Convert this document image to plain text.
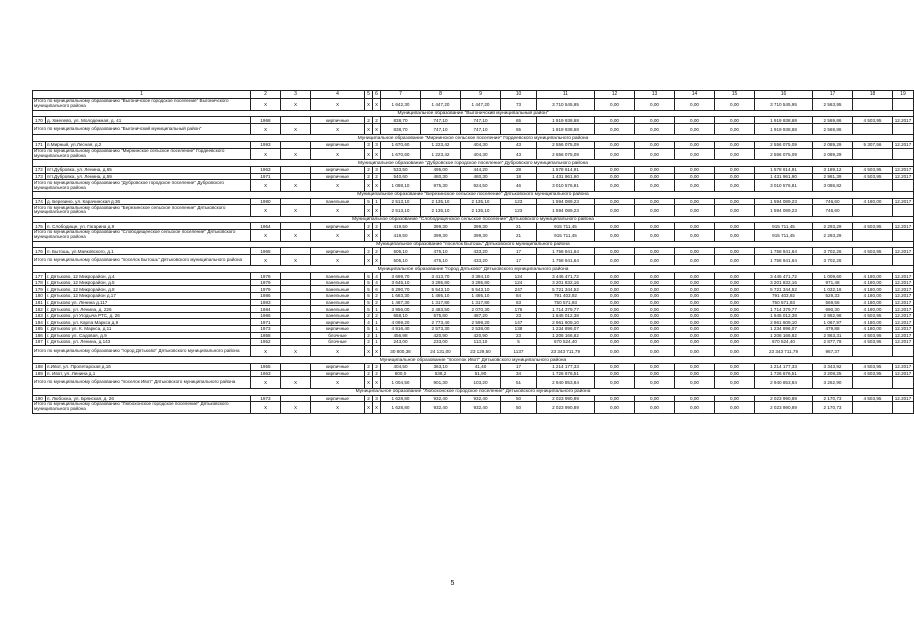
1		2	3	4	5	6	7	8	9	10	11	12	13	14	15	16	17	18	19
Итого по муниципальному образованию "Выгоничское городское поселение" Выгоничского муниципального района		X	X	X	X	X	1 642,30	1 447,20	1 447,20	73	3 710 545,95	0,00	0,00	0,00	0,00	3 710 545,95	2 563,95		
Муниципальное образование "Выгоничский муниципальный район"																			
170	д. Хмелево, ул. Молодежная, д. 41	1968		кирпичные	2	2	838,70	747,10	747,10	65	1 919 938,68	0,00	0,00	0,00	0,00	1 919 938,68	2 569,86	4 503,95	12.2017
Итого по муниципальному образованию "Выгоничский муниципальный район"		X	X	X	X	X	838,70	747,10	747,10	65	1 919 938,68	0,00	0,00	0,00	0,00	1 919 938,68	2 569,86		
Муниципальное образование "Мирнинское сельское поселение" Гордеевского муниципального района																			
171	п.Мирный, ул.Лесная, д.2	1993		кирпичные	3	3	1 670,60	1 223,42	404,30	43	2 556 075,09	0,00	0,00	0,00	0,00	2 556 075,09	2 089,29	5 307,56	12.2017
Итого по муниципальному образованию "Мирнинское сельское поселение" Гордеевского муниципального района		X	X	X	X	X	1 670,60	1 223,42	404,30	43	2 556 075,09	0,00	0,00	0,00	0,00	2 556 075,09	2 089,29		
Муниципальное образование "Дубровское городское поселение" Дубровского муниципального района																			
172	пгт.Дубровка, ул. Ленина, д.65	1963		кирпичные	2	3	533,50	495,00	444,20	28	1 578 614,91	0,00	0,00	0,00	0,00	1 578 614,91	3 189,12	4 503,95	12.2017
173	пгт.Дубровка, ул. Ленина, д.59	1971		кирпичные	2	2	540,60	480,30	480,30	18	1 431 961,90	0,00	0,00	0,00	0,00	1 431 961,90	2 981,39	4 503,95	12.2017
Итого по муниципальному образованию "Дубровское городское поселение" Дубровского муниципального района		X	X	X	X	X	1 088,10	975,30	924,50	46	3 010 576,81	0,00	0,00	0,00	0,00	3 010 576,81	3 086,82		
Муниципальное образование "Березинское сельское поселение" Дятьковского муниципального района																			
174	д. Березино, ул. Карачинская д.36	1980		панельные	5	1	2 513,10	2 135,10	2 135,10	123	1 594 089,23	0,00	0,00	0,00	0,00	1 594 089,23	746,60	4 180,00	12.2017
Итого по муниципальному образованию "Березинское сельское поселение" Дятьковского муниципального района		X	X	X	X	X	2 513,10	2 135,10	2 135,10	123	1 594 089,23	0,00	0,00	0,00	0,00	1 594 089,23	746,60		
Муниципальное образование "Слободищенское сельское поселение" Дятьковского муниципального района																			
175	п. Слободище, ул. Гагарина д.9	1964		кирпичные	2	2	419,50	399,30	399,30	21	915 711,45	0,00	0,00	0,00	0,00	915 711,45	2 293,29	4 503,95	12.2017
Итого по муниципальному образованию "Слободищенское сельское поселение" Дятьковского муниципального района		X	X	X	X	X	419,50	399,30	399,30	21	915 711,45	0,00	0,00	0,00	0,00	915 711,45	2 293,29		
Муниципальное образование "поселок Бытошь" Дятьковского муниципального района																			
176	п. Бытошь, ул.Маяковского, д.1	1965		кирпичные	2	2	505,10	475,10	433,20	17	1 758 941,64	0,00	0,00	0,00	0,00	1 758 941,64	3 702,26	4 503,95	12.2017
Итого по муниципальному образованию "поселок Бытошь" Дятьковского муниципального района		X	X	X	X	X	505,10	475,10	433,20	17	1 758 941,64	0,00	0,00	0,00	0,00	1 758 941,64	3 702,26		
Муниципальное образование "город Дятьково" Дятьковского муниципального района																			
177	г. Дятьково, 12 Микрорайон, д.4	1978		панельные	5	4	3 699,70	3 413,70	3 394,10	124	3 446 471,72	0,00	0,00	0,00	0,00	3 446 471,72	1 009,60	4 180,00	12.2017
178	г. Дятьково, 12 Микрорайон, д.5	1979		панельные	5	4	3 645,10	3 295,80	3 295,80	124	3 201 832,16	0,00	0,00	0,00	0,00	3 201 832,16	971,48	4 180,00	12.2017
179	г. Дятьково, 12 Микрорайон, д.8	1979		панельные	5	6	6 290,70	5 543,10	5 543,10	247	5 721 344,52	0,00	0,00	0,00	0,00	5 721 344,52	1 032,16	4 180,00	12.2017
180	г. Дятьково, 12 Микрорайон д.17	1986		панельные	5	2	1 683,30	1 495,10	1 495,10	84	791 403,92	0,00	0,00	0,00	0,00	791 403,92	529,33	4 180,00	12.2017
181	г. Дятьково ул. Ленина д.117	1983		панельные	5	2	1 467,30	1 317,80	1 317,80	63	750 571,93	0,00	0,00	0,00	0,00	750 571,93	569,56	4 180,00	12.2017
182	г. Дятьково, ул. Ленина, д. 226	1984		панельные	5	1	3 956,00	2 483,50	2 070,30	176	1 714 379,77	0,00	0,00	0,00	0,00	1 714 379,77	690,30	4 180,00	12.2017
183	г. Дятьково, ул Угодыча РТС, д. 26	1986		панельные	2	2	658,10	575,80	487,20	23	1 645 012,38	0,00	0,00	0,00	0,00	1 645 012,38	2 862,98	4 503,95	12.2017
184	г. Дятьково, ул. Карла Маркса д.9	1971		кирпичные	4	1	4 069,20	2 773,40	2 599,20	147	2 961 609,10	0,00	0,00	0,00	0,00	2 961 609,10	1 067,97	4 180,00	12.2017
185	г. Дятьково ул. К. Маркса, д.11	1973		кирпичные	5	1	4 916,40	2 573,30	2 538,00	138	1 234 896,07	0,00	0,00	0,00	0,00	1 234 896,07	479,88	4 180,00	12.2017
186	г. Дятьково ул. Садовая, д.9	1958		блочные	2	1	456,98	420,90	420,90	23	1 206 166,82	0,00	0,00	0,00	0,00	1 206 166,82	2 863,31	4 503,95	12.2017
187	г. Дятьково, ул. Ленина, д.143	1952		блочные	2	1	243,00	233,00	113,10	5	670 524,40	0,00	0,00	0,00	0,00	670 524,40	2 877,79	4 503,95	12.2017
Итого по муниципальному образованию "город Дятьково" Дятьковского муниципального района		X	X	X	X	X	30 800,38	24 131,00	23 129,50	1137	23 343 711,79	0,00	0,00	0,00	0,00	23 343 711,79	967,37		
Муниципальное образование "поселок Ивот" Дятьковского муниципального района																			
188	п.Ивот, ул. Пролетарская д.16	1955		кирпичные	2	2	404,50	363,10	41,40	17	1 214 177,33	0,00	0,00	0,00	0,00	1 214 177,33	3 343,92	4 503,95	12.2017
189	п. Ивот, ул. Ленина д.1	1963		кирпичные	2	2	600,0	538,2	51,90	34	1 726 676,51	0,00	0,00	0,00	0,00	1 726 676,51	3 208,25	4 503,95	12.2017
Итого по муниципальному образованию "поселок Ивот" Дятьковского муниципального района		X	X	X	X	X	1 004,50	901,30	103,20	51	2 940 853,84	0,00	0,00	0,00	0,00	2 940 853,84	3 262,90		
Муниципальное образование "Любохонское городское поселение" Дятьковского муниципального района																			
190	п. Любохна, ул. Брянская, д. 26	1973		кирпичные	2	3	1 628,80	932,40	932,40	50	2 023 990,89	0,00	0,00	0,00	0,00	2 023 990,89	2 170,73	4 503,95	12.2017
Итого по муниципальному образованию "Любохонское городское поселение" Дятьковского муниципального района		X	X	X	X	X	1 628,80	932,40	932,40	50	2 023 990,89	0,00	0,00	0,00	0,00	2 023 990,89	2 170,73		
5
